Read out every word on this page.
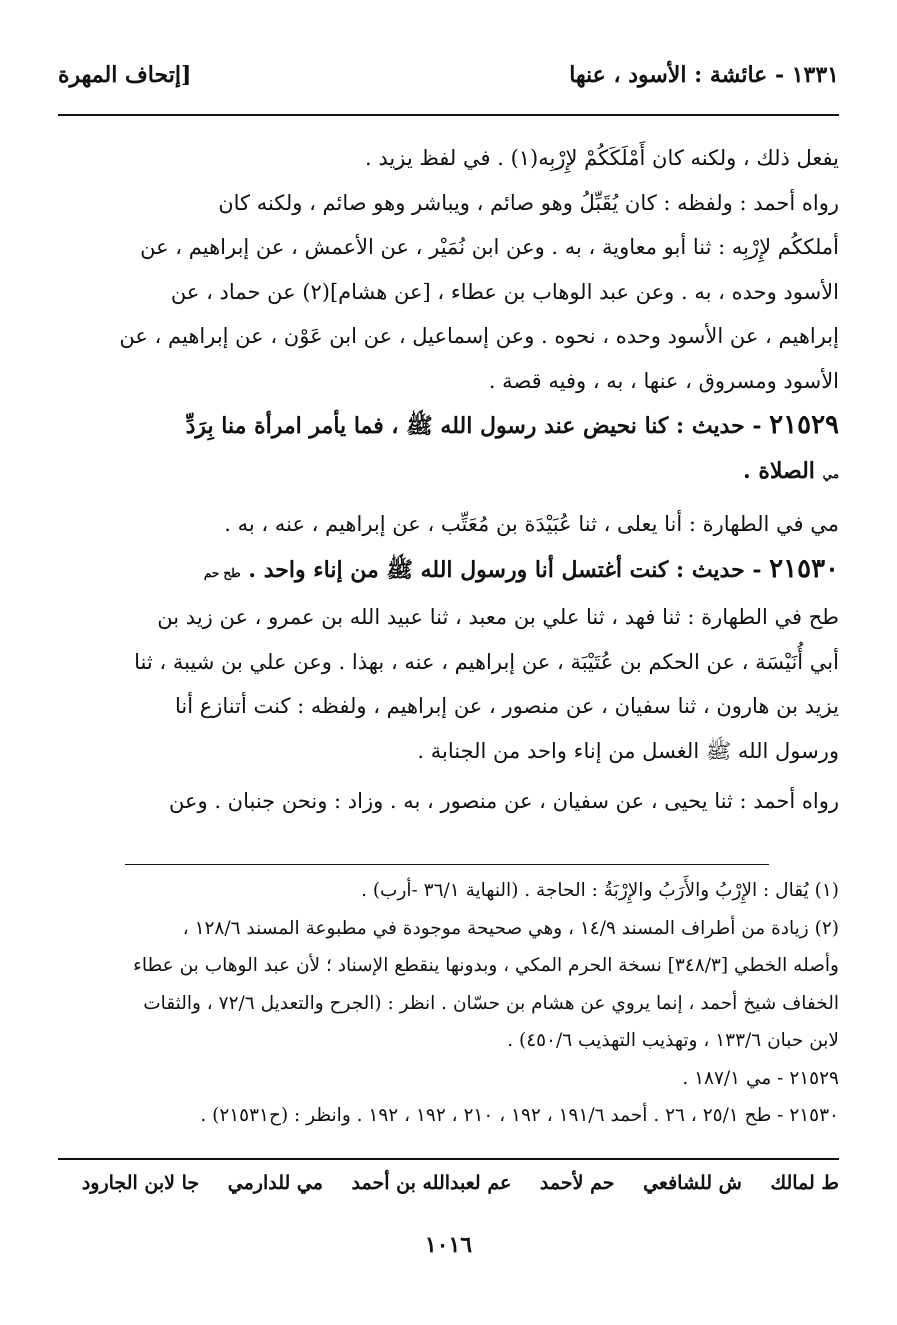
١٣٣١ - عائشة : الأسود ، عنها
[إتحاف المهرة

يفعل ذلك ، ولكنه كان أَمْلَكَكُمْ لإِرْبِه(١) . في لفظ يزيد .

رواه أحمد : ولفظه : كان يُقَبِّلُ وهو صائم ، ويباشر وهو صائم ، ولكنه كان

أملككُم لإِرْبِه : ثنا أبو معاوية ، به . وعن ابن نُمَيْر ، عن الأعمش ، عن إبراهيم ، عن

الأسود وحده ، به . وعن عبد الوهاب بن عطاء ، [عن هشام](٢) عن حماد ، عن

إبراهيم ، عن الأسود وحده ، نحوه . وعن إسماعيل ، عن ابن عَوْن ، عن إبراهيم ، عن

الأسود ومسروق ، عنها ، به ، وفيه قصة .

٢١٥٢٩ - حديث : كنا نحيض عند رسول الله ﷺ ، فما يأمر امرأة منا بِرَدِّ

مي الصلاة .

مي في الطهارة : أنا يعلى ، ثنا عُبَيْدَة بن مُعَتِّب ، عن إبراهيم ، عنه ، به .

٢١٥٣٠ - حديث : كنت أغتسل أنا ورسول الله ﷺ من إناء واحد . طح حم

طح في الطهارة : ثنا فهد ، ثنا علي بن معبد ، ثنا عبيد الله بن عمرو ، عن زيد بن

أبي أُنَيْسَة ، عن الحكم بن عُتَيْبَة ، عن إبراهيم ، عنه ، بهذا . وعن علي بن شيبة ، ثنا

يزيد بن هارون ، ثنا سفيان ، عن منصور ، عن إبراهيم ، ولفظه : كنت أتنازع أنا

ورسول الله ﷺ الغسل من إناء واحد من الجنابة .

رواه أحمد : ثنا يحيى ، عن سفيان ، عن منصور ، به . وزاد : ونحن جنبان . وعن

(١) يُقال : الإِرْبُ والأَرَبُ والإِرْبَةُ : الحاجة . (النهاية ٣٦/١ -أرب) .

(٢) زيادة من أطراف المسند ١٤/٩ ، وهي صحيحة موجودة في مطبوعة المسند ١٢٨/٦ ،

وأصله الخطي [٣٤٨/٣] نسخة الحرم المكي ، وبدونها ينقطع الإسناد ؛ لأن عبد الوهاب بن عطاء

الخفاف شيخ أحمد ، إنما يروي عن هشام بن حسّان . انظر : (الجرح والتعديل ٧٢/٦ ، والثقات

لابن حبان ١٣٣/٦ ، وتهذيب التهذيب ٤٥٠/٦) .

٢١٥٢٩ - مي ١٨٧/١ .

٢١٥٣٠ - طح ٢٥/١ ، ٢٦ . أحمد ١٩١/٦ ، ١٩٢ ، ٢١٠ ، ١٩٢ ، ١٩٢ . وانظر : (ح٢١٥٣١) .

ط لمالك ش للشافعي حم لأحمد عم لعبدالله بن أحمد مي للدارمي جا لابن الجارود
١٠١٦
